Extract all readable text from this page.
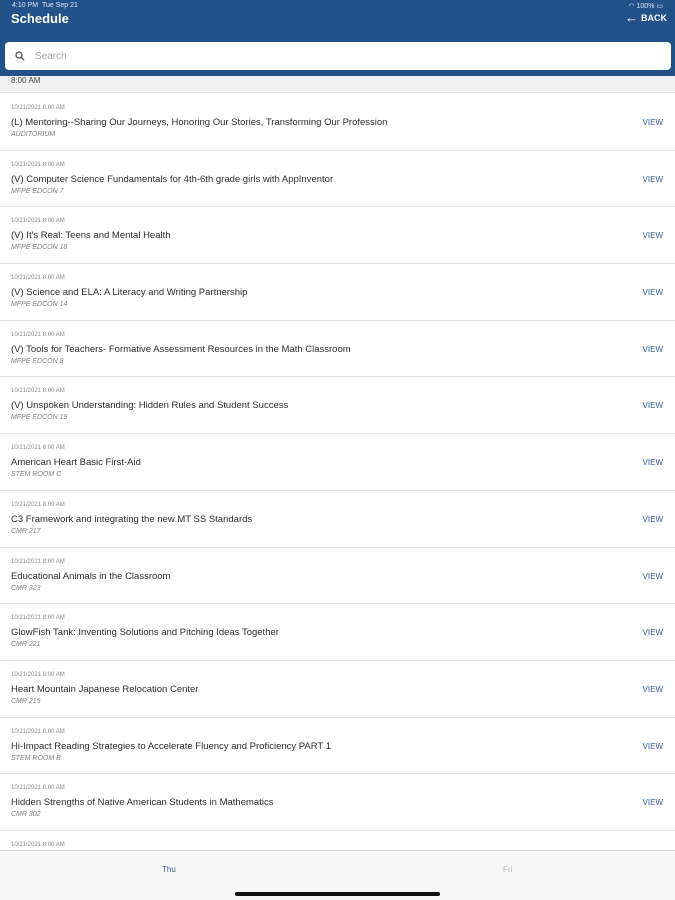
4:10 PM Tue Sep 21	◠ 100% ▭
Schedule	← BACK
Search
8:00 AM
10/21/2021 8:00 AM
(L) Mentoring--Sharing Our Journeys, Honoring Our Stories, Transforming Our Profession
AUDITORIUM
VIEW
10/21/2021 8:00 AM
(V) Computer Science Fundamentals for 4th-6th grade girls with AppInventor
MFPE EDCON 7
VIEW
10/21/2021 8:00 AM
(V) It's Real: Teens and Mental Health
MFPE EDCON 18
VIEW
10/21/2021 8:00 AM
(V) Science and ELA: A Literacy and Writing Partnership
MFPE EDCON 14
VIEW
10/21/2021 8:00 AM
(V) Tools for Teachers- Formative Assessment Resources in the Math Classroom
MFPE EDCON 8
VIEW
10/21/2021 8:00 AM
(V) Unspoken Understanding: Hidden Rules and Student Success
MFPE EDCON 19
VIEW
10/21/2021 8:00 AM
American Heart Basic First-Aid
STEM ROOM C
VIEW
10/21/2021 8:00 AM
C3 Framework and integrating the new MT SS Standards
CMR 217
VIEW
10/21/2021 8:00 AM
Educational Animals in the Classroom
CMR 323
VIEW
10/21/2021 8:00 AM
GlowFish Tank: Inventing Solutions and Pitching Ideas Together
CMR 221
VIEW
10/21/2021 8:00 AM
Heart Mountain Japanese Relocation Center
CMR 215
VIEW
10/21/2021 8:00 AM
Hi-Impact Reading Strategies to Accelerate Fluency and Proficiency PART 1
STEM ROOM B
VIEW
10/21/2021 8:00 AM
Hidden Strengths of Native American Students in Mathematics
CMR 302
VIEW
10/21/2021 8:00 AM
Thu	Fri
